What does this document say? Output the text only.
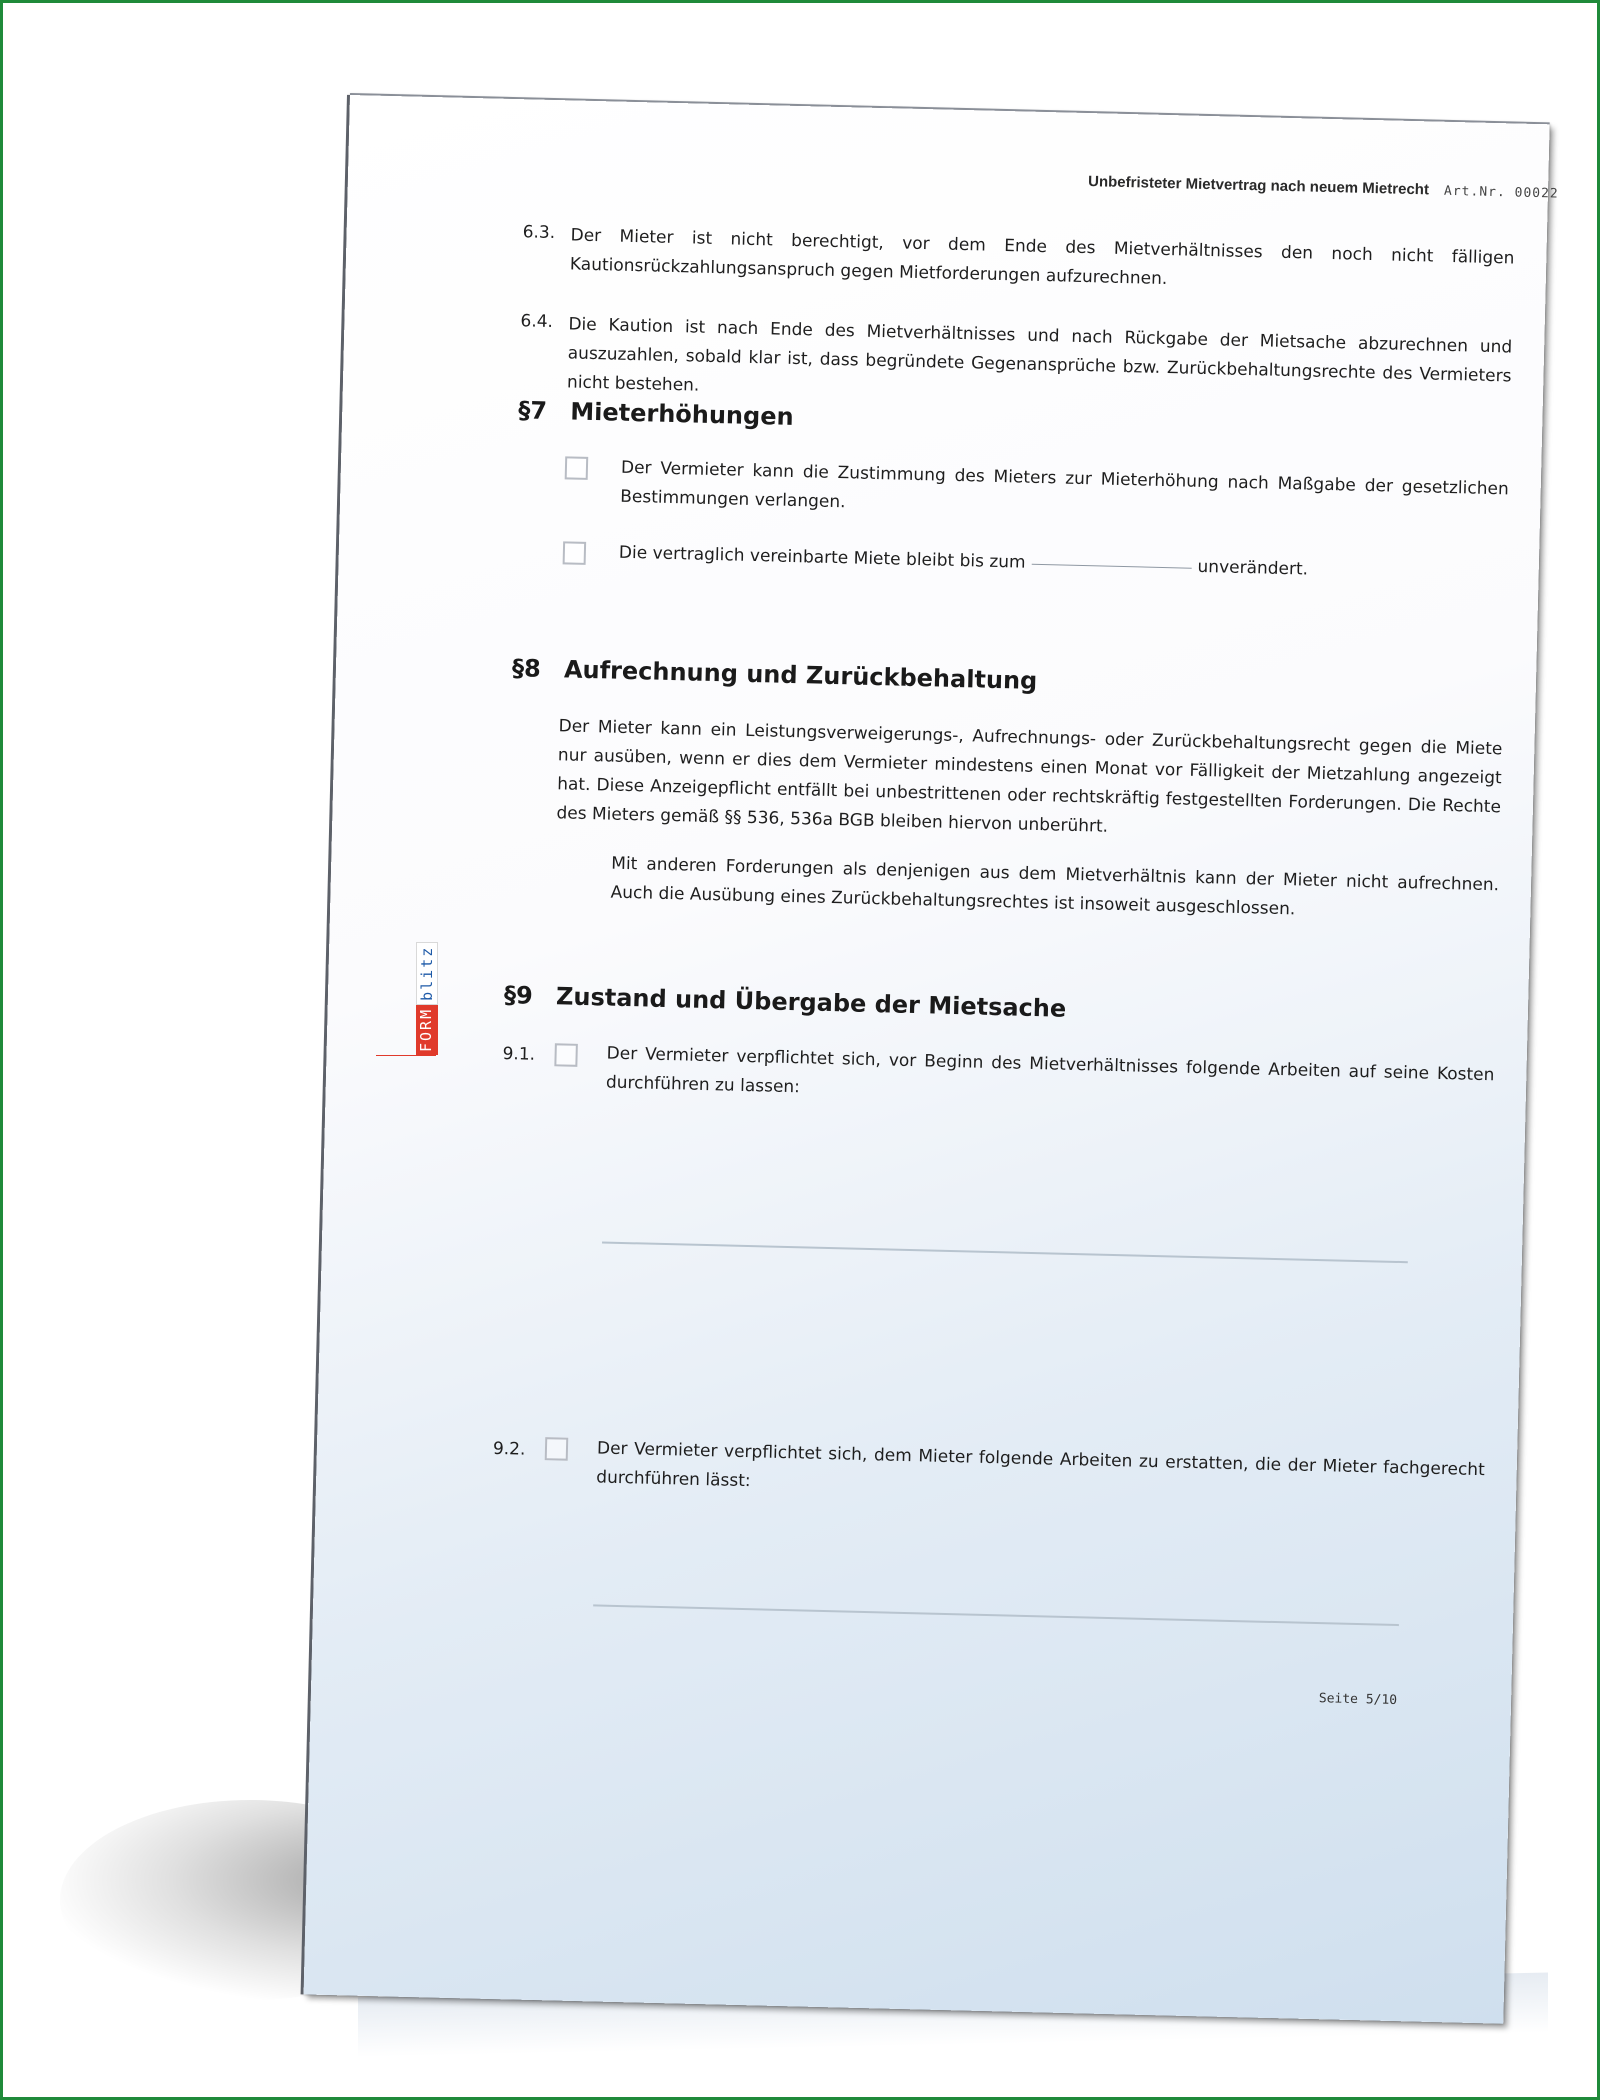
Unbefristeter Mietvertrag nach neuem Mietrecht Art.Nr. 00022
6.3. Der Mieter ist nicht berechtigt, vor dem Ende des Mietverhältnisses den noch nicht fälligen Kautionsrückzahlungsanspruch gegen Mietforderungen aufzurechnen.
6.4. Die Kaution ist nach Ende des Mietverhältnisses und nach Rückgabe der Mietsache abzurechnen und auszuzahlen, sobald klar ist, dass begründete Gegenansprüche bzw. Zurückbehaltungsrechte des Vermieters nicht bestehen.
§7 Mieterhöhungen
Der Vermieter kann die Zustimmung des Mieters zur Mieterhöhung nach Maßgabe der gesetzlichen Bestimmungen verlangen.
Die vertraglich vereinbarte Miete bleibt bis zum	unverändert.
§8 Aufrechnung und Zurückbehaltung
Der Mieter kann ein Leistungsverweigerungs-, Aufrechnungs- oder Zurückbehaltungsrecht gegen die Miete nur ausüben, wenn er dies dem Vermieter mindestens einen Monat vor Fälligkeit der Mietzahlung angezeigt hat. Diese Anzeigepflicht entfällt bei unbestrittenen oder rechtskräftig festgestellten Forderungen. Die Rechte des Mieters gemäß §§ 536, 536a BGB bleiben hiervon unberührt.
Mit anderen Forderungen als denjenigen aus dem Mietverhältnis kann der Mieter nicht aufrechnen. Auch die Ausübung eines Zurückbehaltungsrechtes ist insoweit ausgeschlossen.
§9 Zustand und Übergabe der Mietsache
9.1.	Der Vermieter verpflichtet sich, vor Beginn des Mietverhältnisses folgende Arbeiten auf seine Kosten durchführen zu lassen:
9.2.	Der Vermieter verpflichtet sich, dem Mieter folgende Arbeiten zu erstatten, die der Mieter fachgerecht durchführen lässt:
Seite 5/10
FORM
blitz
